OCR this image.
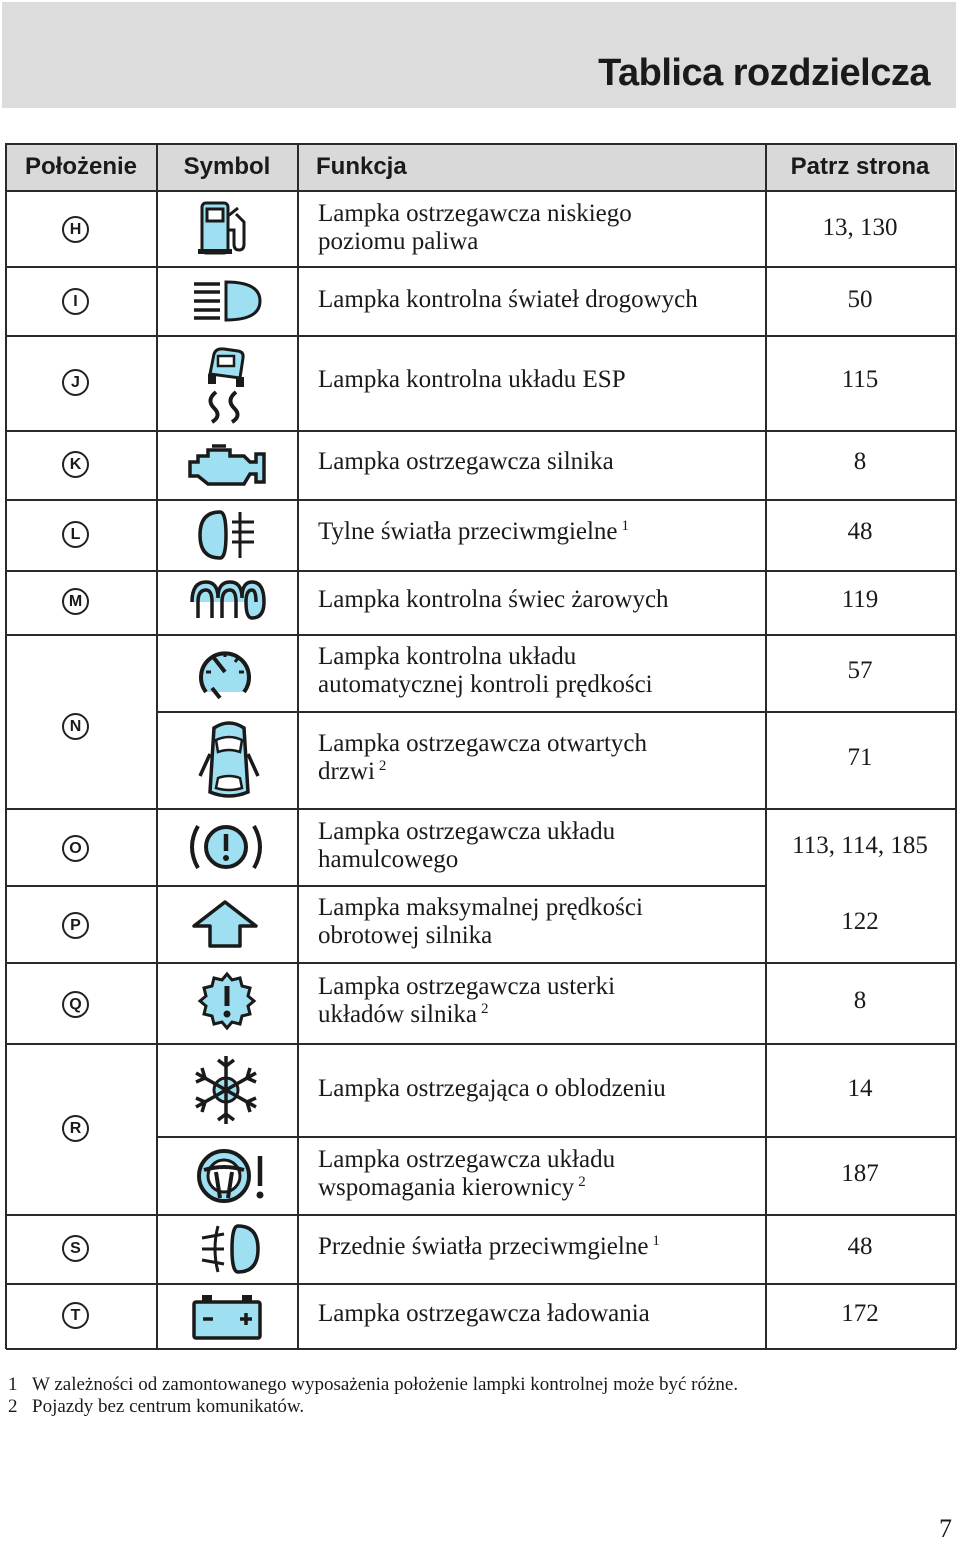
Tablica rozdzielcza
Położenie Symbol Funkcja	Patrz strona
H
I
J
K
L
M
N
O
P
Q
R
S
T
Lampka ostrzegawcza niskiego poziomu paliwa
Lampka kontrolna świateł drogowych
Lampka kontrolna układu ESP
Lampka ostrzegawcza silnika
Tylne światła przeciwmgielne $^1$
Lampka kontrolna świec żarowych
Lampka kontrolna układu automatycznej kontroli prędkości
Lampka ostrzegawcza otwartych drzwi $^2$
Lampka ostrzegawcza układu hamulcowego
Lampka maksymalnej prędkości obrotowej silnika
Lampka ostrzegawcza usterki układów silnika $^2$
Lampka ostrzegająca o oblodzeniu
Lampka ostrzegawcza układu wspomagania kierownicy $^2$
Przednie światła przeciwmgielne $^1$
Lampka ostrzegawcza ładowania
13, 130
50
115
8
48
119
57
71
113, 114, 185
122
8
14
187
48
172
1 W zależności od zamontowanego wyposażenia położenie lampki kontrolnej może być różne.
2 Pojazdy bez centrum komunikatów.
7
